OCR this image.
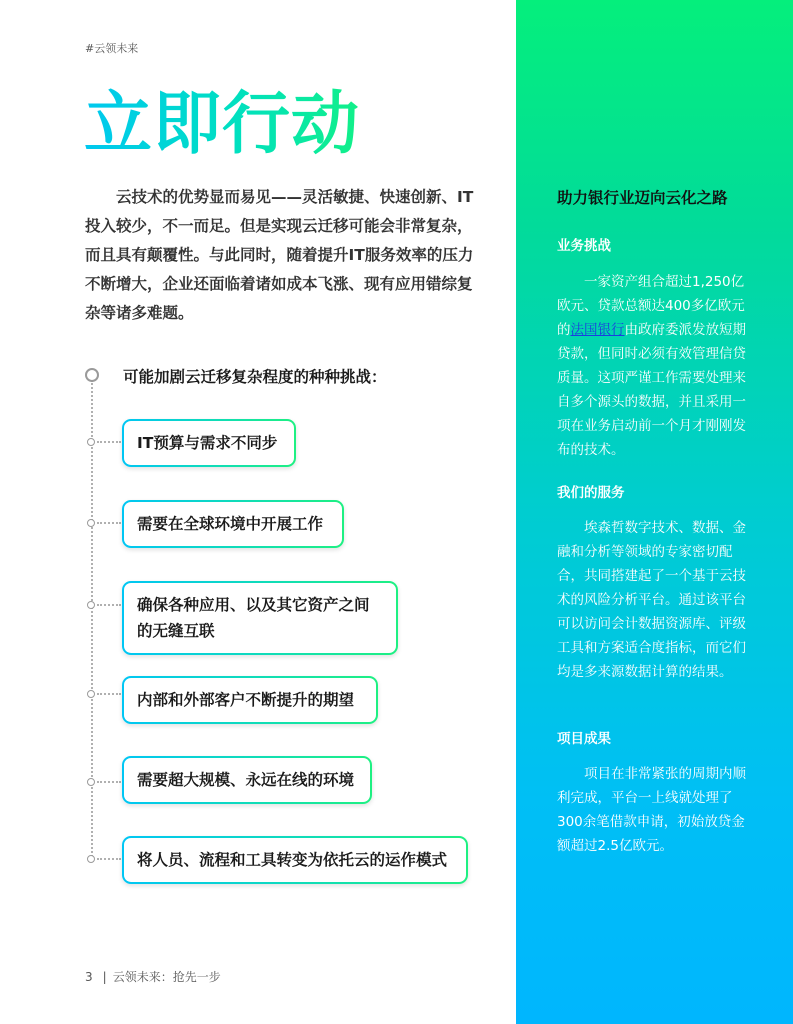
#云领未来
立即行动

云技术的优势显而易见——灵活敏捷、快速创新、IT投入较少，不一而足。但是实现云迁移可能会非常复杂，而且具有颠覆性。与此同时，随着提升IT服务效率的压力不断增大，企业还面临着诸如成本飞涨、现有应用错综复杂等诸多难题。

可能加剧云迁移复杂程度的种种挑战：
IT预算与需求不同步
需要在全球环境中开展工作
确保各种应用、以及其它资产之间的无缝互联
内部和外部客户不断提升的期望
需要超大规模、永远在线的环境
将人员、流程和工具转变为依托云的运作模式
3 | 云领未来：抢先一步
助力银行业迈向云化之路
业务挑战

一家资产组合超过1,250亿欧元、贷款总额达400多亿欧元的法国银行由政府委派发放短期贷款，但同时必须有效管理信贷质量。这项严谨工作需要处理来自多个源头的数据，并且采用一项在业务启动前一个月才刚刚发布的技术。

我们的服务

埃森哲数字技术、数据、金融和分析等领域的专家密切配合，共同搭建起了一个基于云技术的风险分析平台。通过该平台可以访问会计数据资源库、评级工具和方案适合度指标，而它们均是多来源数据计算的结果。

项目成果

项目在非常紧张的周期内顺利完成，平台一上线就处理了300余笔借款申请，初始放贷金额超过2.5亿欧元。
